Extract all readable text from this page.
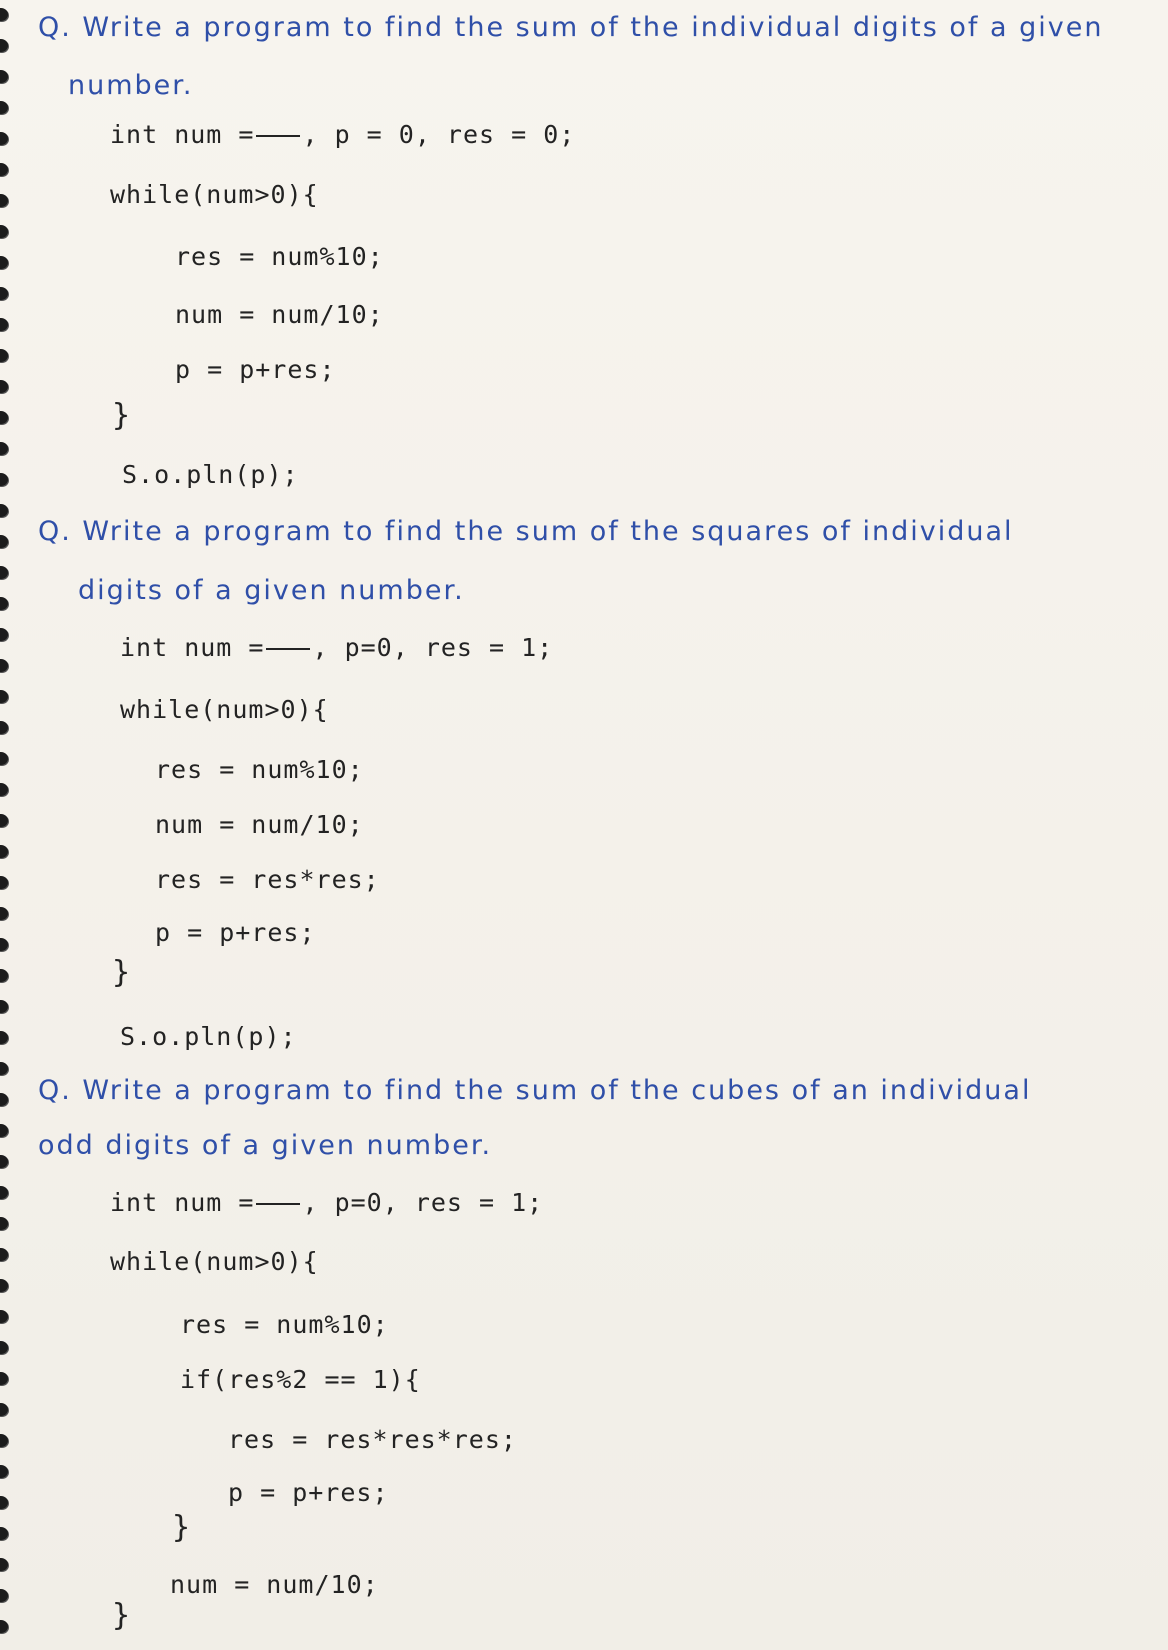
Q. Write a program to find the sum of the individual digits of a given
number.
int num = , p = 0, res = 0;
while(num>0){
res = num%10;
num = num/10;
p = p+res;
}
S.o.pln(p);
Q. Write a program to find the sum of the squares of individual
digits of a given number.
int num = , p=0, res = 1;
while(num>0){
res = num%10;
num = num/10;
res = res*res;
p = p+res;
}
S.o.pln(p);
Q. Write a program to find the sum of the cubes of an individual
odd digits of a given number.
int num = , p=0, res = 1;
while(num>0){
res = num%10;
if(res%2 == 1){
res = res*res*res;
p = p+res;
}
num = num/10;
}
